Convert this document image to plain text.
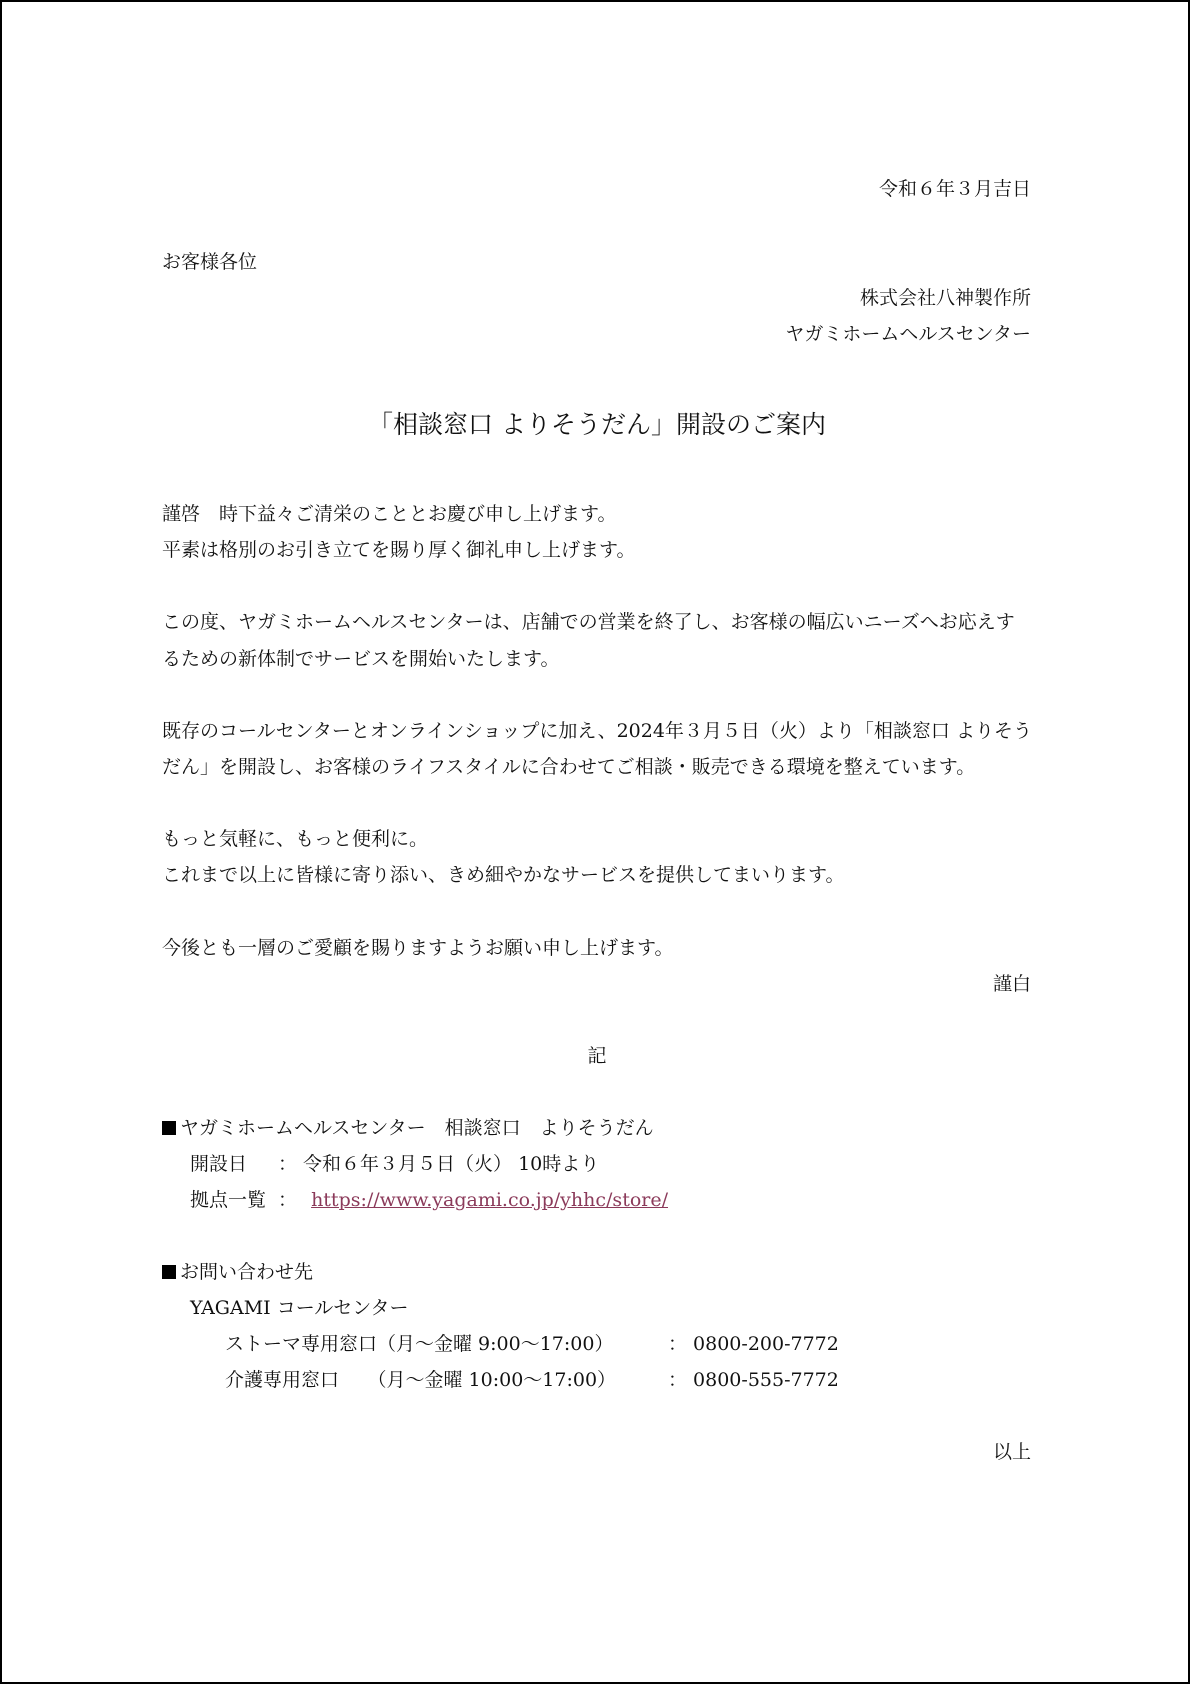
令和６年３月吉日
お客様各位
株式会社八神製作所
ヤガミホームヘルスセンター
「相談窓口 よりそうだん」開設のご案内
謹啓　時下益々ご清栄のこととお慶び申し上げます。
平素は格別のお引き立てを賜り厚く御礼申し上げます。
この度、ヤガミホームヘルスセンターは、店舗での営業を終了し、お客様の幅広いニーズへお応えす
るための新体制でサービスを開始いたします。
既存のコールセンターとオンラインショップに加え、2024年３月５日（火）より「相談窓口 よりそう
だん」を開設し、お客様のライフスタイルに合わせてご相談・販売できる環境を整えています。
もっと気軽に、もっと便利に。
これまで以上に皆様に寄り添い、きめ細やかなサービスを提供してまいります。
今後とも一層のご愛顧を賜りますようお願い申し上げます。
謹白
記
ヤガミホームヘルスセンター　相談窓口　よりそうだん
開設日 ： 令和６年３月５日（火） 10時より
拠点一覧 ： https://www.yagami.co.jp/yhhc/store/
お問い合わせ先
YAGAMI コールセンター
ストーマ専用窓口（月～金曜 9:00～17:00）	： 0800-200-7772
介護専用窓口　　（月～金曜 10:00～17:00）	： 0800-555-7772
以上
